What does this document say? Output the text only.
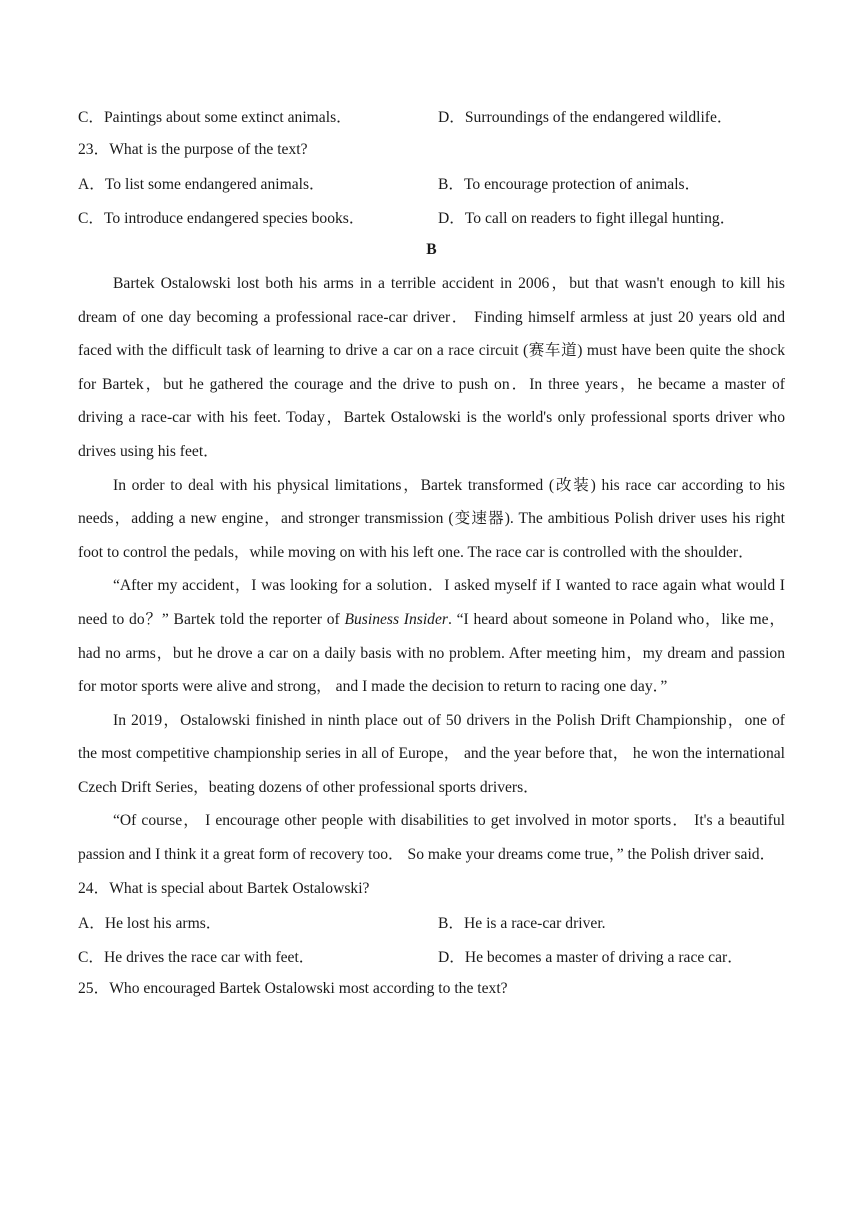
C．Paintings about some extinct animals．	D．Surroundings of the endangered wildlife．
23．What is the purpose of the text?
A．To list some endangered animals．	B．To encourage protection of animals．
C．To introduce endangered species books．	D．To call on readers to fight illegal hunting．
B

Bartek Ostalowski lost both his arms in a terrible accident in 2006，but that wasn't enough to kill his dream of one day becoming a professional race-car driver． Finding himself armless at just 20 years old and faced with the difficult task of learning to drive a car on a race circuit (赛车道) must have been quite the shock for Bartek，but he gathered the courage and the drive to push on．In three years，he became a master of driving a race-car with his feet. Today，Bartek Ostalowski is the world's only professional sports driver who drives using his feet．

In order to deal with his physical limitations，Bartek transformed (改装) his race car according to his needs，adding a new engine，and stronger transmission (变速器). The ambitious Polish driver uses his right foot to control the pedals，while moving on with his left one. The race car is controlled with the shoulder．

“After my accident，I was looking for a solution．I asked myself if I wanted to race again what would I need to do？” Bartek told the reporter of Business Insider. “I heard about someone in Poland who，like me，had no arms，but he drove a car on a daily basis with no problem. After meeting him，my dream and passion for motor sports were alive and strong， and I made the decision to return to racing one day．”

In 2019，Ostalowski finished in ninth place out of 50 drivers in the Polish Drift Championship，one of the most competitive championship series in all of Europe， and the year before that， he won the international Czech Drift Series，beating dozens of other professional sports drivers．

“Of course， I encourage other people with disabilities to get involved in motor sports． It's a beautiful passion and I think it a great form of recovery too． So make your dreams come true，” the Polish driver said．

24．What is special about Bartek Ostalowski?
A．He lost his arms．	B．He is a race-car driver.
C．He drives the race car with feet．	D．He becomes a master of driving a race car．
25．Who encouraged Bartek Ostalowski most according to the text?
